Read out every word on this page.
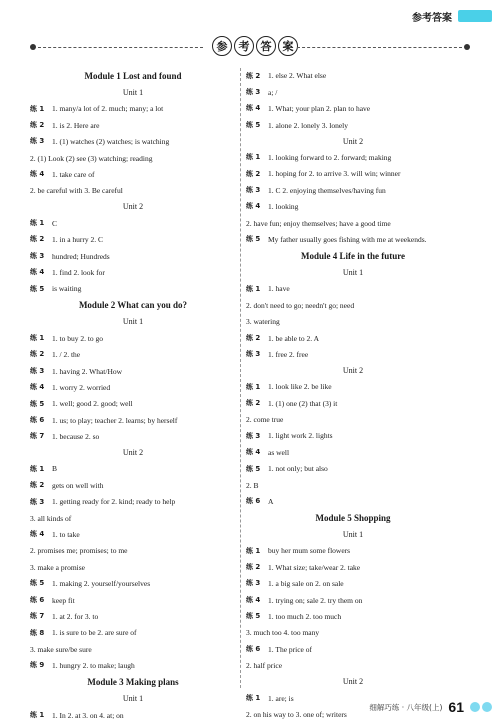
参考答案
参	考	答	案
Module 1 Lost and found
Unit 1
练 1	1. many/a lot of 2. much; many; a lot
练 2	1. is 2. Here are
练 3	1. (1) watches (2) watches; is watching
2. (1) Look (2) see (3) watching; reading
练 4	1. take care of
2. be careful with 3. Be careful
Unit 2
练 1	C
练 2	1. in a hurry 2. C
练 3	hundred; Hundreds
练 4	1. find 2. look for
练 5	is waiting
Module 2 What can you do?
Unit 1
练 1	1. to buy 2. to go
练 2	1. / 2. the
练 3	1. having 2. What/How
练 4	1. worry 2. worried
练 5	1. well; good 2. good; well
练 6	1. us; to play; teacher 2. learns; by herself
练 7	1. because 2. so
Unit 2
练 1	B
练 2	gets on well with
练 3	1. getting ready for 2. kind; ready to help
3. all kinds of
练 4	1. to take
2. promises me; promises; to me
3. make a promise
练 5	1. making 2. yourself/yourselves
练 6	keep fit
练 7	1. at 2. for 3. to
练 8	1. is sure to be 2. are sure of
3. make sure/be sure
练 9	1. hungry 2. to make; laugh
Module 3 Making plans
Unit 1
练 1	1. In 2. at 3. on 4. at; on
练 2	1. else 2. What else
练 3	a; /
练 4	1. What; your plan 2. plan to have
练 5	1. alone 2. lonely 3. lonely
Unit 2
练 1	1. looking forward to 2. forward; making
练 2	1. hoping for 2. to arrive 3. will win; winner
练 3	1. C 2. enjoying themselves/having fun
练 4	1. looking
2. have fun; enjoy themselves; have a good time
练 5	My father usually goes fishing with me at weekends.
Module 4 Life in the future
Unit 1
练 1	1. have
2. don't need to go; needn't go; need
3. watering
练 2	1. be able to 2. A
练 3	1. free 2. free
Unit 2
练 1	1. look like 2. be like
练 2	1. (1) one (2) that (3) it
2. come true
练 3	1. light work 2. lights
练 4	as well
练 5	1. not only; but also
2. B
练 6	A
Module 5 Shopping
Unit 1
练 1	buy her mum some flowers
练 2	1. What size; take/wear 2. take
练 3	1. a big sale on 2. on sale
练 4	1. trying on; sale 2. try them on
练 5	1. too much 2. too much
3. much too 4. too many
练 6	1. The price of
2. half price
Unit 2
练 1	1. are; is
2. on his way to 3. one of; writers
细解巧练 · 八年级(上) 61
